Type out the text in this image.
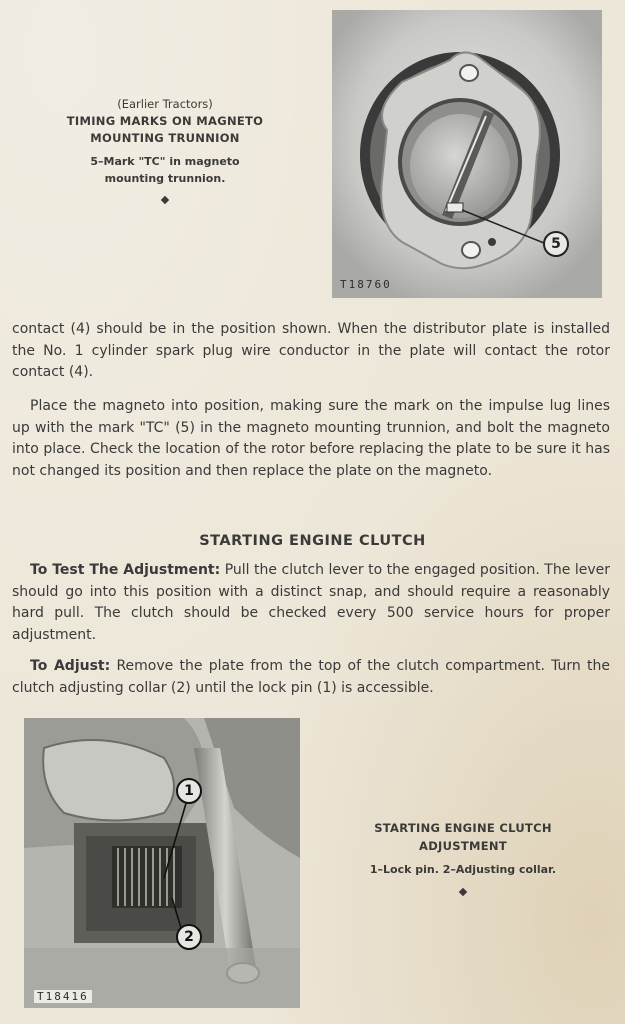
5
T18760
(Earlier Tractors)
TIMING MARKS ON MAGNETO
MOUNTING TRUNNION
5–Mark "TC" in magneto
mounting trunnion.
contact (4) should be in the position shown. When the distributor plate is installed the No. 1 cylinder spark plug wire conductor in the plate will contact the rotor contact (4).
Place the magneto into position, making sure the mark on the impulse lug lines up with the mark "TC" (5) in the magneto mounting trunnion, and bolt the magneto into place. Check the location of the rotor before replacing the plate to be sure it has not changed its position and then replace the plate on the magneto.
STARTING ENGINE CLUTCH
To Test The Adjustment: Pull the clutch lever to the engaged position. The lever should go into this position with a distinct snap, and should require a reasonably hard pull. The clutch should be checked every 500 service hours for proper adjustment.
To Adjust: Remove the plate from the top of the clutch compartment. Turn the clutch adjusting collar (2) until the lock pin (1) is accessible.
1
2
T18416
STARTING ENGINE CLUTCH
ADJUSTMENT
1–Lock pin. 2–Adjusting collar.
